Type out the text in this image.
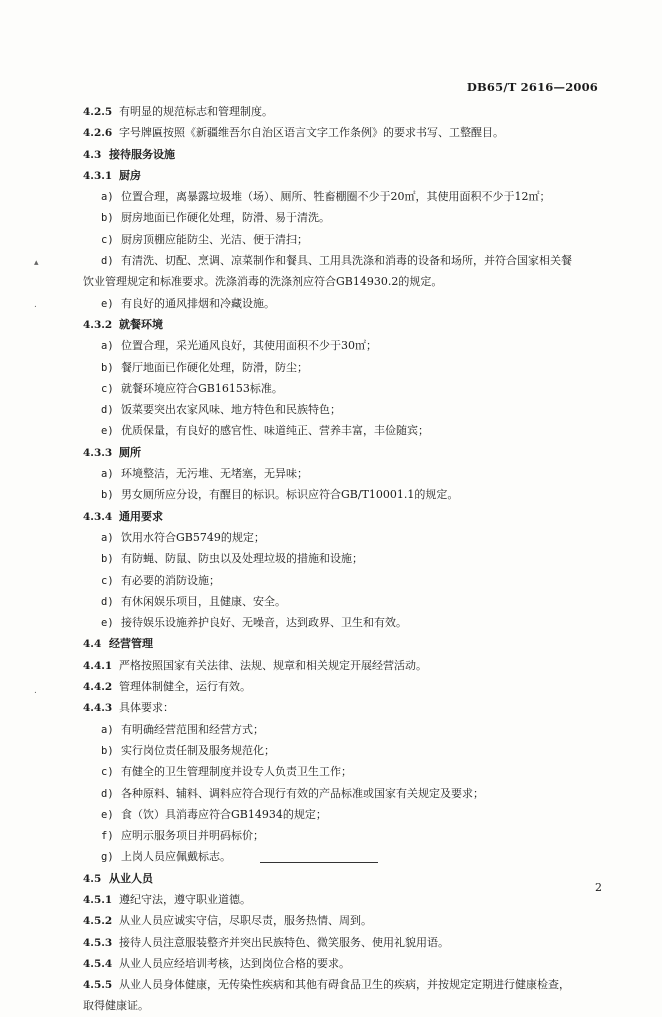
DB65/T 2616—2006
4.2.5 有明显的规范标志和管理制度。
4.2.6 字号牌匾按照《新疆维吾尔自治区语言文字工作条例》的要求书写、工整醒目。
4.3 接待服务设施
4.3.1 厨房
a) 位置合理，离暴露垃圾堆（场）、厕所、牲畜棚圈不少于20㎡，其使用面积不少于12㎡；
b) 厨房地面已作硬化处理，防滑、易于清洗。
c) 厨房顶棚应能防尘、光洁、便于清扫；
d) 有清洗、切配、烹调、凉菜制作和餐具、工用具洗涤和消毒的设备和场所，并符合国家相关餐
饮业管理规定和标准要求。洗涤消毒的洗涤剂应符合GB14930.2的规定。
e) 有良好的通风排烟和冷藏设施。
4.3.2 就餐环境
a) 位置合理，采光通风良好，其使用面积不少于30㎡；
b) 餐厅地面已作硬化处理，防滑，防尘；
c) 就餐环境应符合GB16153标准。
d) 饭菜要突出农家风味、地方特色和民族特色；
e) 优质保量，有良好的感官性、味道纯正、营养丰富，丰俭随宾；
4.3.3 厕所
a) 环境整洁，无污堆、无堵塞，无异味；
b) 男女厕所应分设，有醒目的标识。标识应符合GB/T10001.1的规定。
4.3.4 通用要求
a) 饮用水符合GB5749的规定；
b) 有防蝇、防鼠、防虫以及处理垃圾的措施和设施；
c) 有必要的消防设施；
d) 有休闲娱乐项目，且健康、安全。
e) 接待娱乐设施养护良好、无噪音，达到政界、卫生和有效。
4.4 经营管理
4.4.1 严格按照国家有关法律、法规、规章和相关规定开展经营活动。
4.4.2 管理体制健全，运行有效。
4.4.3 具体要求：
a) 有明确经营范围和经营方式；
b) 实行岗位责任制及服务规范化；
c) 有健全的卫生管理制度并设专人负责卫生工作；
d) 各种原料、辅料、调料应符合现行有效的产品标准或国家有关规定及要求；
e) 食（饮）具消毒应符合GB14934的规定；
f) 应明示服务项目并明码标价；
g) 上岗人员应佩戴标志。
4.5 从业人员
4.5.1 遵纪守法，遵守职业道德。
4.5.2 从业人员应诚实守信，尽职尽责，服务热情、周到。
4.5.3 接待人员注意服装整齐并突出民族特色、微笑服务、使用礼貌用语。
4.5.4 从业人员应经培训考核，达到岗位合格的要求。
4.5.5 从业人员身体健康，无传染性疾病和其他有碍食品卫生的疾病，并按规定定期进行健康检查，
取得健康证。
2
▴
.
.
